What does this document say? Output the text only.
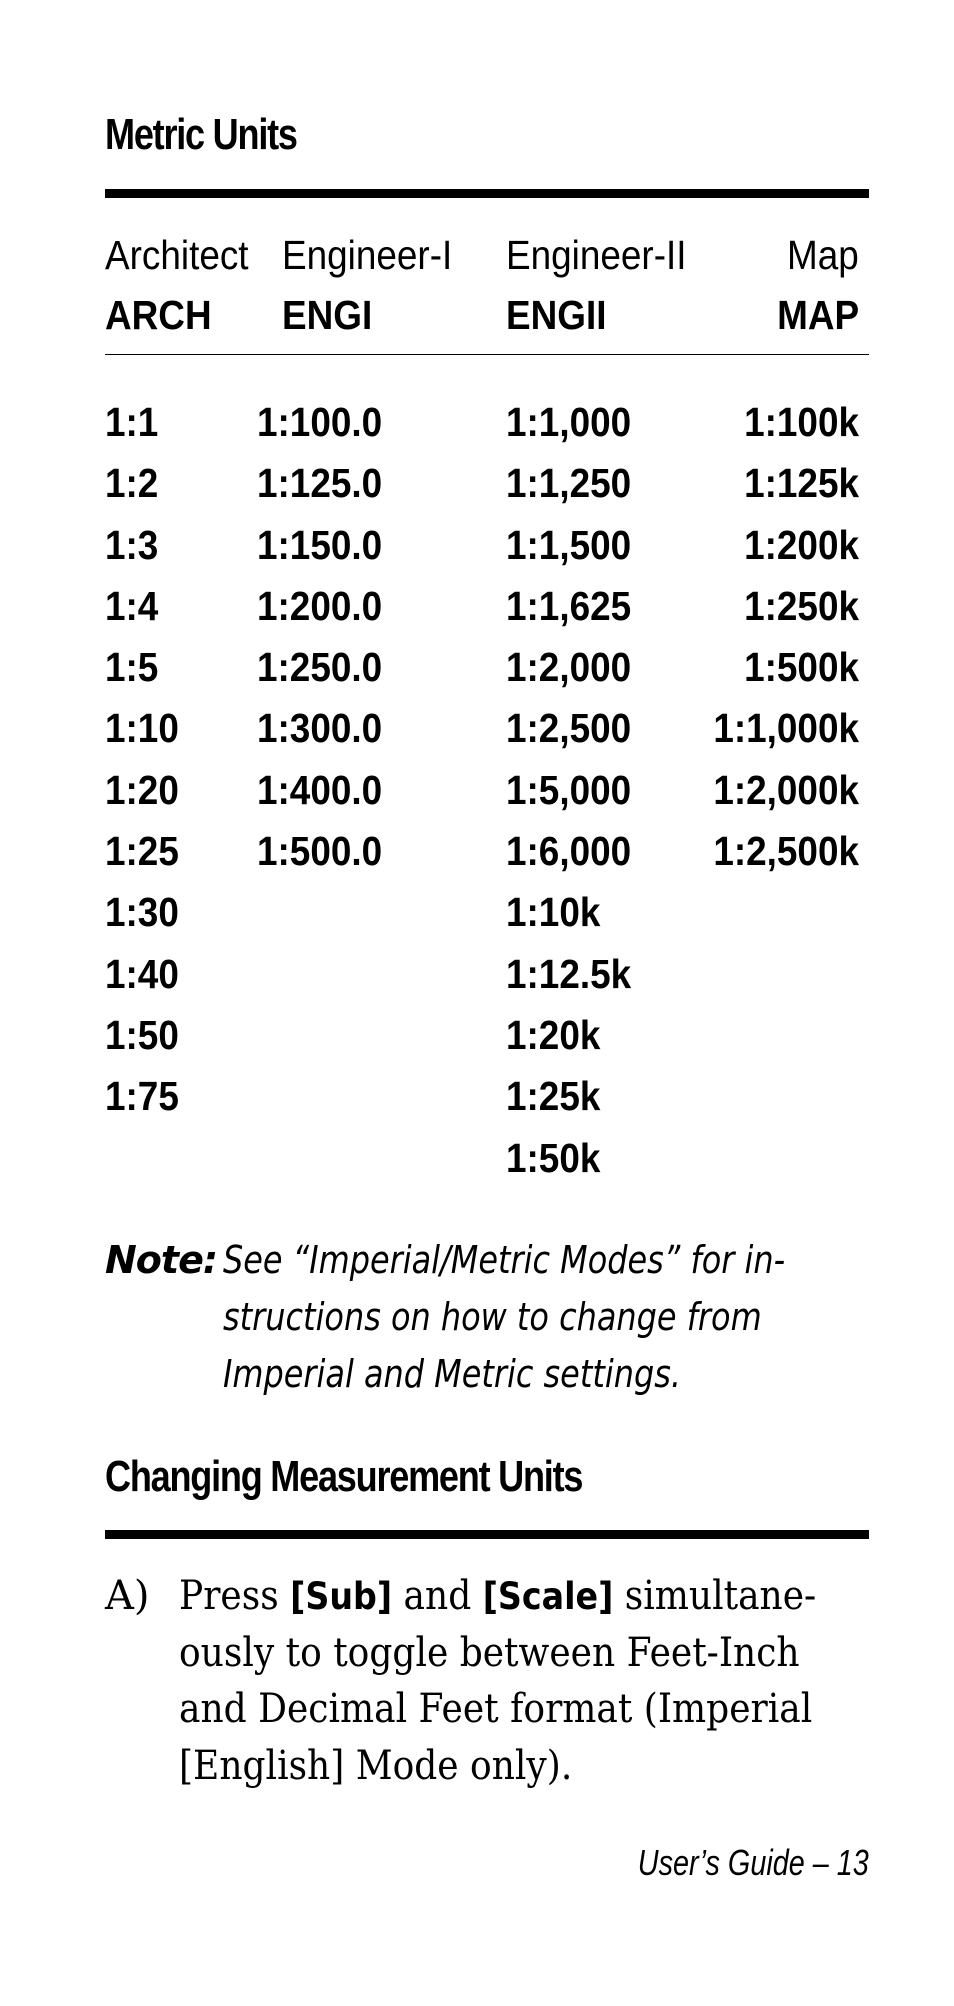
Metric Units
Architect Engineer-I Engineer-II Map
ARCH ENGI	ENGII	MAP
1:1
1:2
1:3
1:4
1:5
1:10
1:20
1:25
1:30
1:40
1:50
1:75
1:100.0
1:125.0
1:150.0
1:200.0
1:250.0
1:300.0
1:400.0
1:500.0
1:1,000
1:1,250
1:1,500
1:1,625
1:2,000
1:2,500
1:5,000
1:6,000
1:10k
1:12.5k
1:20k
1:25k
1:50k
1:100k
1:125k
1:200k
1:250k
1:500k
1:1,000k
1:2,000k
1:2,500k
Note: See “Imperial/Metric Modes” for in-
structions on how to change from
Imperial and Metric settings.
Changing Measurement Units
A) Press [Sub] and [Scale] simultane-
ously to toggle between Feet-Inch
and Decimal Feet format (Imperial
[English] Mode only).
User’s Guide – 13
